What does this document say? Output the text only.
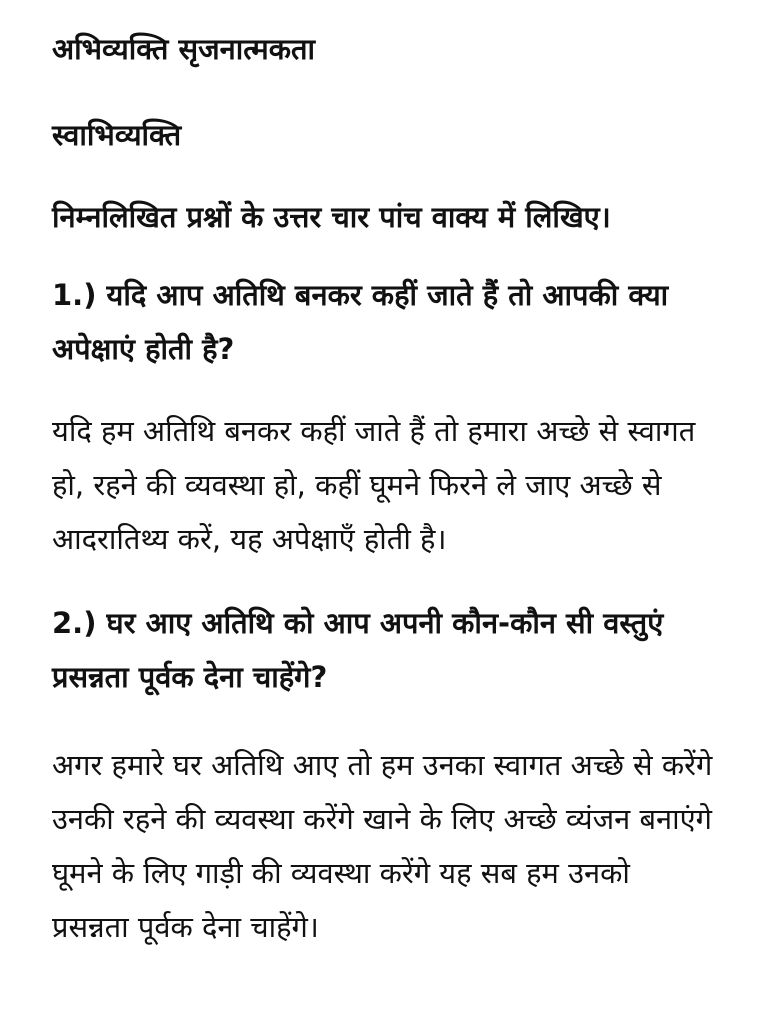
अभिव्यक्ति सृजनात्मकता

स्वाभिव्यक्ति

निम्नलिखित प्रश्नों के उत्तर चार पांच वाक्य में लिखिए।

1.) यदि आप अतिथि बनकर कहीं जाते हैं तो आपकी क्या अपेक्षाएं होती है?

यदि हम अतिथि बनकर कहीं जाते हैं तो हमारा अच्छे से स्वागत हो, रहने की व्यवस्था हो, कहीं घूमने फिरने ले जाए अच्छे से आदरातिथ्य करें, यह अपेक्षाएँ होती है।

2.) घर आए अतिथि को आप अपनी कौन-कौन सी वस्तुएं प्रसन्नता पूर्वक देना चाहेंगे?

अगर हमारे घर अतिथि आए तो हम उनका स्वागत अच्छे से करेंगे उनकी रहने की व्यवस्था करेंगे खाने के लिए अच्छे व्यंजन बनाएंगे घूमने के लिए गाड़ी की व्यवस्था करेंगे यह सब हम उनको प्रसन्नता पूर्वक देना चाहेंगे।
